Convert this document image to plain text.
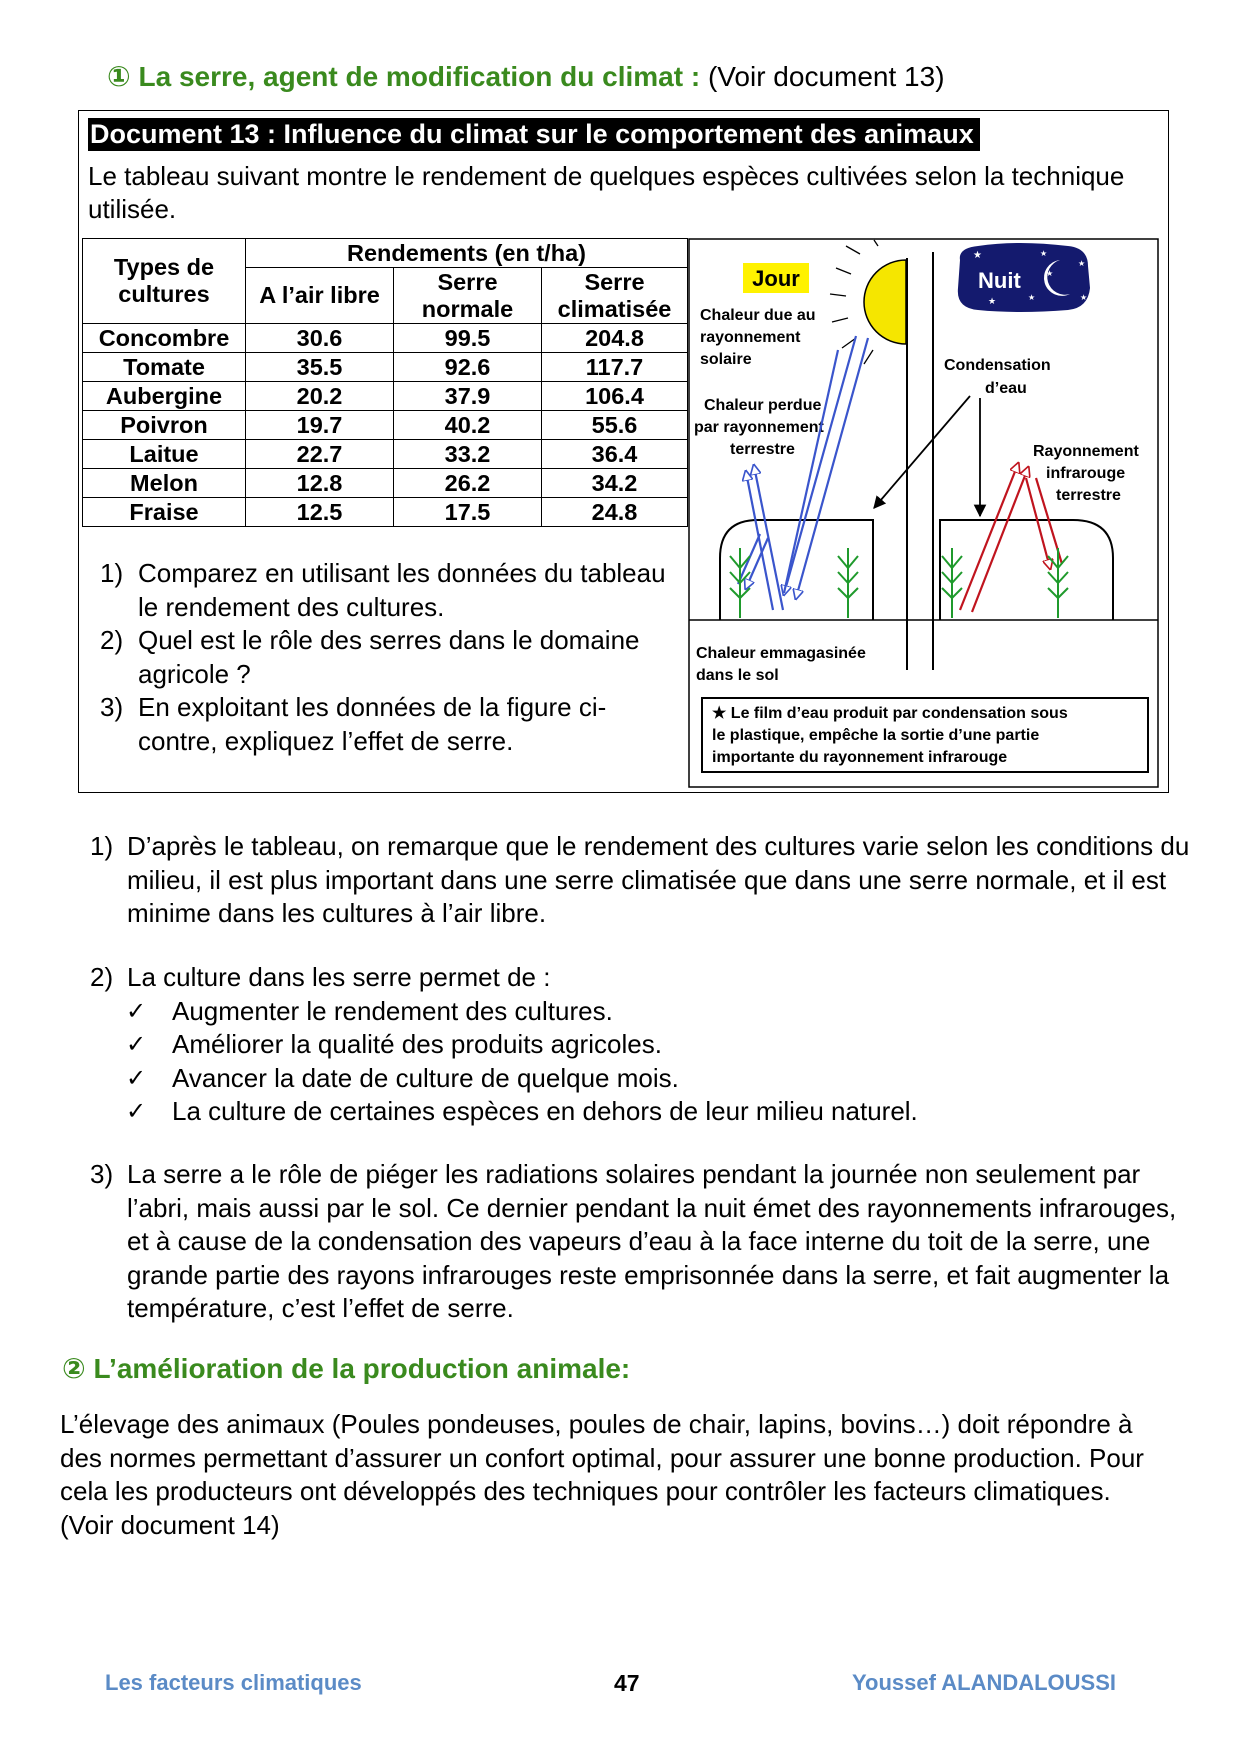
① La serre, agent de modification du climat : (Voir document 13)
Document 13 : Influence du climat sur le comportement des animaux
Le tableau suivant montre le rendement de quelques espèces cultivées selon la technique utilisée.
Types de cultures	Rendements (en t/ha)		
	A l’air libre	Serre normale	Serre climatisée
Concombre	30.6	99.5	204.8
Tomate	35.5	92.6	117.7
Aubergine	20.2	37.9	106.4
Poivron	19.7	40.2	55.6
Laitue	22.7	33.2	36.4
Melon	12.8	26.2	34.2
Fraise	12.5	17.5	24.8
1) Comparez en utilisant les données du tableau le rendement des cultures.
2) Quel est le rôle des serres dans le domaine agricole ?
3) En exploitant les données de la figure ci-contre, expliquez l’effet de serre.
★	★
★
★
★	★	★
Jour	Nuit
Chaleur due au
rayonnement
solaire
Chaleur perdue
par rayonnement
terrestre
Condensation
d’eau
Rayonnement
infrarouge
terrestre
Chaleur emmagasinée
dans le sol
★ Le film d’eau produit par condensation sous
le plastique, empêche la sortie d’une partie
importante du rayonnement infrarouge
1) D’après le tableau, on remarque que le rendement des cultures varie selon les conditions du milieu, il est plus important dans une serre climatisée que dans une serre normale, et il est minime dans les cultures à l’air libre.
2) La culture dans les serre permet de :
✓ Augmenter le rendement des cultures.
✓ Améliorer la qualité des produits agricoles.
✓ Avancer la date de culture de quelque mois.
✓ La culture de certaines espèces en dehors de leur milieu naturel.
3) La serre a le rôle de piéger les radiations solaires pendant la journée non seulement par l’abri, mais aussi par le sol. Ce dernier pendant la nuit émet des rayonnements infrarouges, et à cause de la condensation des vapeurs d’eau à la face interne du toit de la serre, une grande partie des rayons infrarouges reste emprisonnée dans la serre, et fait augmenter la température, c’est l’effet de serre.
② L’amélioration de la production animale:
L’élevage des animaux (Poules pondeuses, poules de chair, lapins, bovins…) doit répondre à des normes permettant d’assurer un confort optimal, pour assurer une bonne production. Pour cela les producteurs ont développés des techniques pour contrôler les facteurs climatiques. (Voir document 14)
Les facteurs climatiques	47	Youssef ALANDALOUSSI
